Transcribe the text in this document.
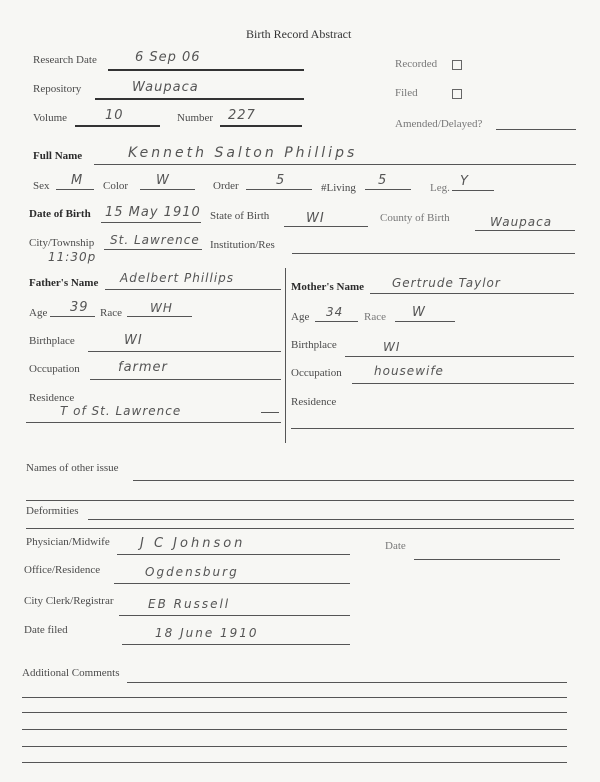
Birth Record Abstract
Research Date	6 Sep 06	Recorded
Repository	Waupaca	Filed
Volume	10	Number 227
Amended/Delayed?
Full Name	Kenneth Salton Phillips
Sex M Color W	Order	5	#Living 5	Leg. Y
Date of Birth 15 May 1910 State of Birth	WI	County of Birth	Waupaca
City/Township St. Lawrence
11:30p
Institution/Res
Father's Name Adelbert Phillips
Mother's Name Gertrude Taylor
Age 39 Race WH
Age 34 Race W
Birthplace	WI	Birthplace	WI
Occupation	farmer	Occupation	housewife
Residence
T of St. Lawrence
Residence
Names of other issue
Deformities
Physician/Midwife J C Johnson	Date
Office/Residence	Ogdensburg
City Clerk/Registrar	EB Russell
Date filed	18 June 1910
Additional Comments
